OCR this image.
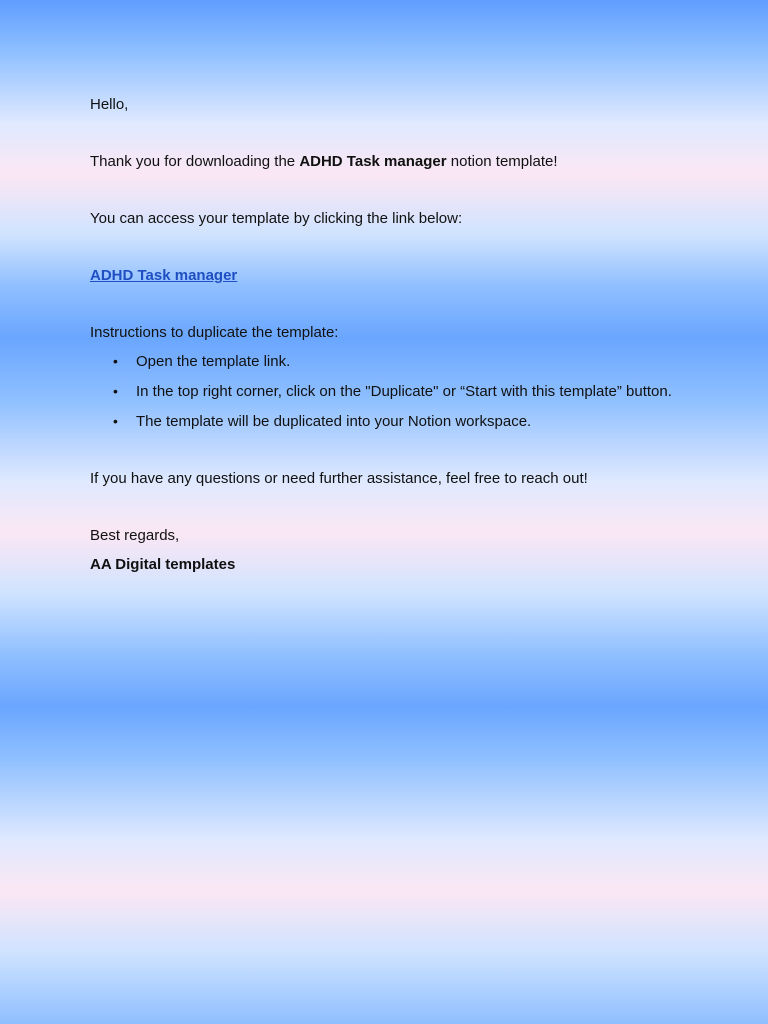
Hello,

Thank you for downloading the ADHD Task manager notion template!

You can access your template by clicking the link below:

ADHD Task manager

Instructions to duplicate the template:

• Open the template link.
• In the top right corner, click on the "Duplicate" or “Start with this template” button.
• The template will be duplicated into your Notion workspace.

If you have any questions or need further assistance, feel free to reach out!

Best regards,

AA Digital templates
